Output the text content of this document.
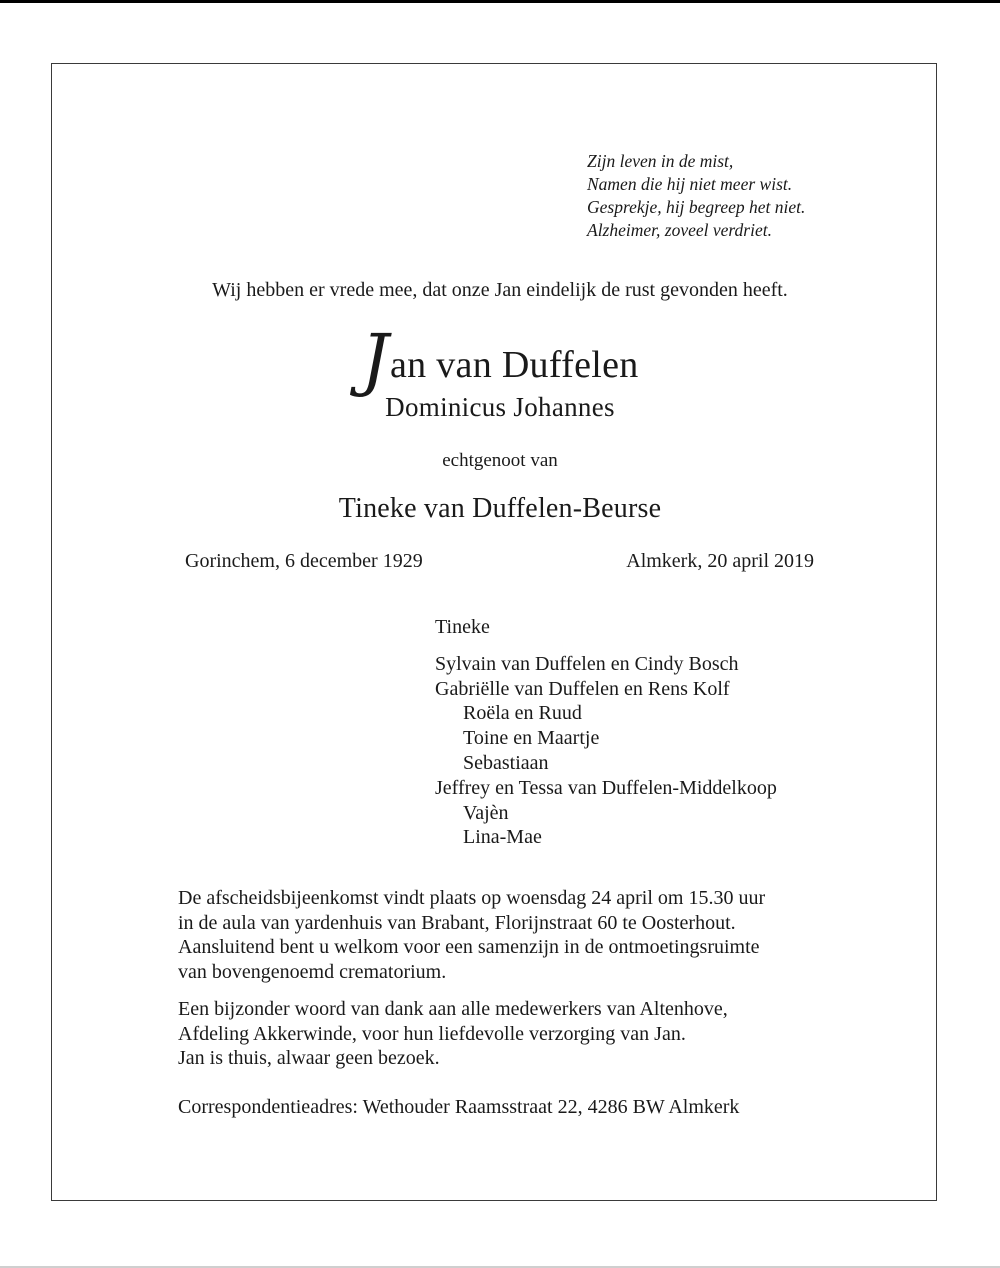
Zijn leven in de mist,
Namen die hij niet meer wist.
Gesprekje, hij begreep het niet.
Alzheimer, zoveel verdriet.
Wij hebben er vrede mee, dat onze Jan eindelijk de rust gevonden heeft.
Jan van Duffelen
Dominicus Johannes
echtgenoot van
Tineke van Duffelen-Beurse
Gorinchem, 6 december 1929	Almkerk, 20 april 2019
Tineke
Sylvain van Duffelen en Cindy Bosch
Gabriëlle van Duffelen en Rens Kolf
Roëla en Ruud
Toine en Maartje
Sebastiaan
Jeffrey en Tessa van Duffelen-Middelkoop
Vajèn
Lina-Mae

De afscheidsbijeenkomst vindt plaats op woensdag 24 april om 15.30 uur
in de aula van yardenhuis van Brabant, Florijnstraat 60 te Oosterhout.
Aansluitend bent u welkom voor een samenzijn in de ontmoetingsruimte
van bovengenoemd crematorium.

Een bijzonder woord van dank aan alle medewerkers van Altenhove,
Afdeling Akkerwinde, voor hun liefdevolle verzorging van Jan.
Jan is thuis, alwaar geen bezoek.

Correspondentieadres: Wethouder Raamsstraat 22, 4286 BW Almkerk
